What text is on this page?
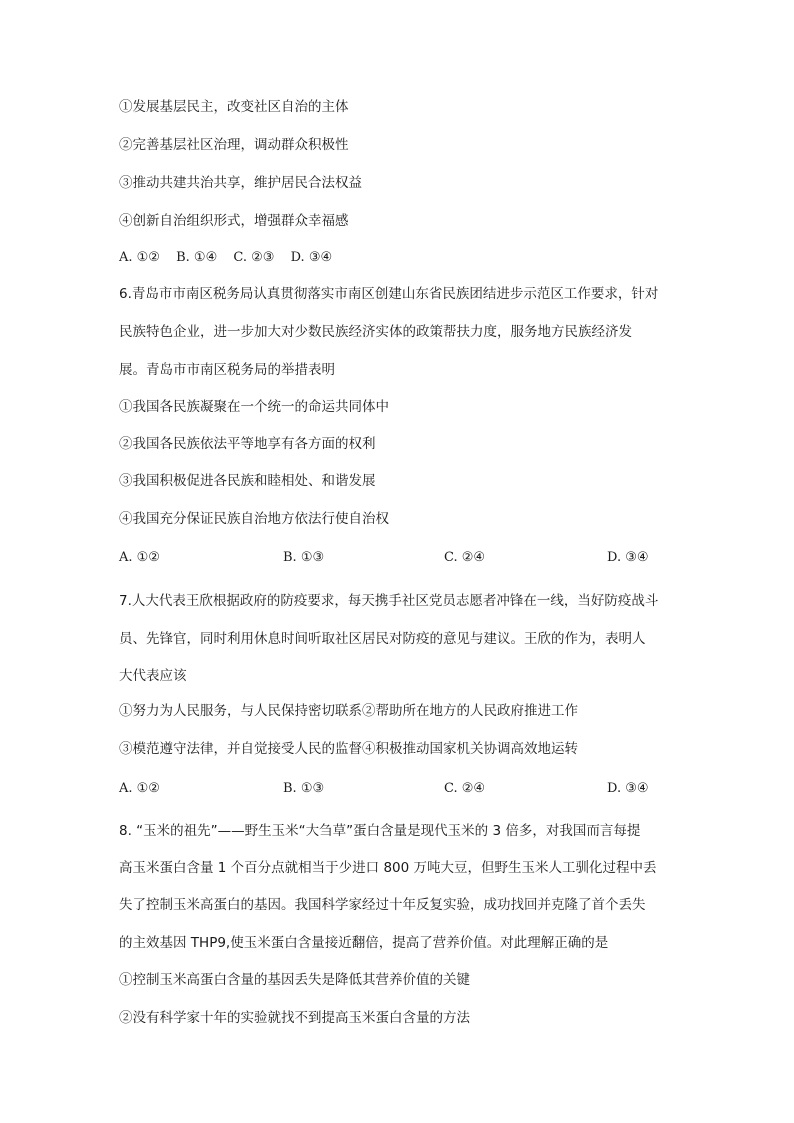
①发展基层民主，改变社区自治的主体
②完善基层社区治理，调动群众积极性
③推动共建共治共享，维护居民合法权益
④创新自治组织形式，增强群众幸福感
A. ①② B. ①④ C. ②③ D. ③④
6.青岛市市南区税务局认真贯彻落实市南区创建山东省民族团结进步示范区工作要求，针对
民族特色企业，进一步加大对少数民族经济实体的政策帮扶力度，服务地方民族经济发
展。青岛市市南区税务局的举措表明
①我国各民族凝聚在一个统一的命运共同体中
②我国各民族依法平等地享有各方面的权利
③我国积极促进各民族和睦相处、和谐发展
④我国充分保证民族自治地方依法行使自治权
A. ①②	B. ①③	C. ②④	D. ③④
7.人大代表王欣根据政府的防疫要求，每天携手社区党员志愿者冲锋在一线，当好防疫战斗
员、先锋官，同时利用休息时间听取社区居民对防疫的意见与建议。王欣的作为，表明人
大代表应该
①努力为人民服务，与人民保持密切联系②帮助所在地方的人民政府推进工作
③模范遵守法律，并自觉接受人民的监督④积极推动国家机关协调高效地运转
A. ①②	B. ①③	C. ②④	D. ③④
8. “玉米的祖先”——野生玉米“大刍草”蛋白含量是现代玉米的 3 倍多，对我国而言每提
高玉米蛋白含量 1 个百分点就相当于少进口 800 万吨大豆，但野生玉米人工驯化过程中丢
失了控制玉米高蛋白的基因。我国科学家经过十年反复实验，成功找回并克隆了首个丢失
的主效基因 THP9,使玉米蛋白含量接近翻倍，提高了营养价值。对此理解正确的是
①控制玉米高蛋白含量的基因丢失是降低其营养价值的关键
②没有科学家十年的实验就找不到提高玉米蛋白含量的方法
